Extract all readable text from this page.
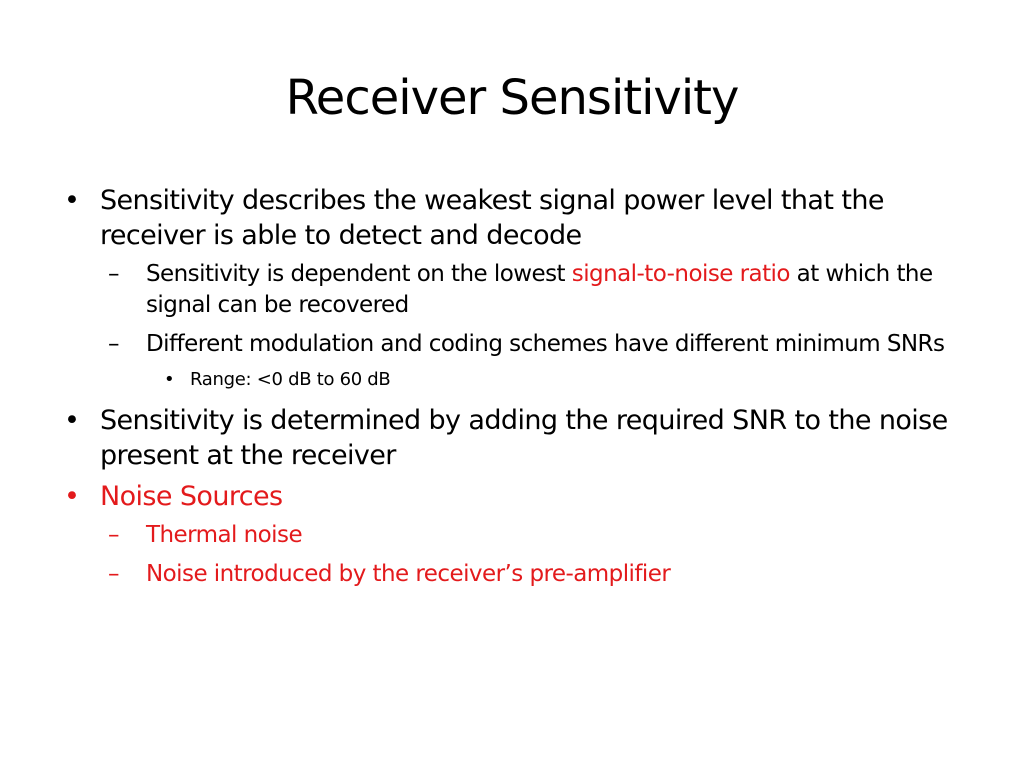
Receiver Sensitivity
• Sensitivity describes the weakest signal power level that the receiver is able to detect and decode
– Sensitivity is dependent on the lowest signal-to-noise ratio at which the signal can be recovered
– Different modulation and coding schemes have different minimum SNRs
• Range: <0 dB to 60 dB
• Sensitivity is determined by adding the required SNR to the noise present at the receiver
• Noise Sources
– Thermal noise
– Noise introduced by the receiver’s pre-amplifier
